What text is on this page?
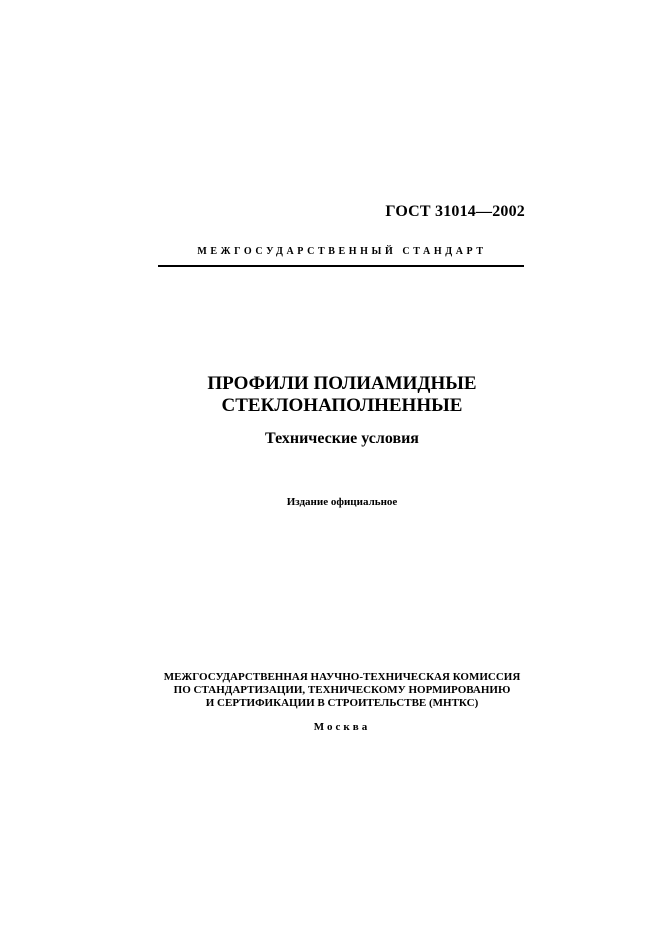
ГОСТ 31014—2002
МЕЖГОСУДАРСТВЕННЫЙ СТАНДАРТ
ПРОФИЛИ ПОЛИАМИДНЫЕ
СТЕКЛОНАПОЛНЕННЫЕ
Технические условия
Издание официальное
МЕЖГОСУДАРСТВЕННАЯ НАУЧНО-ТЕХНИЧЕСКАЯ КОМИССИЯ
ПО СТАНДАРТИЗАЦИИ, ТЕХНИЧЕСКОМУ НОРМИРОВАНИЮ
И СЕРТИФИКАЦИИ В СТРОИТЕЛЬСТВЕ (МНТКС)
Москва
